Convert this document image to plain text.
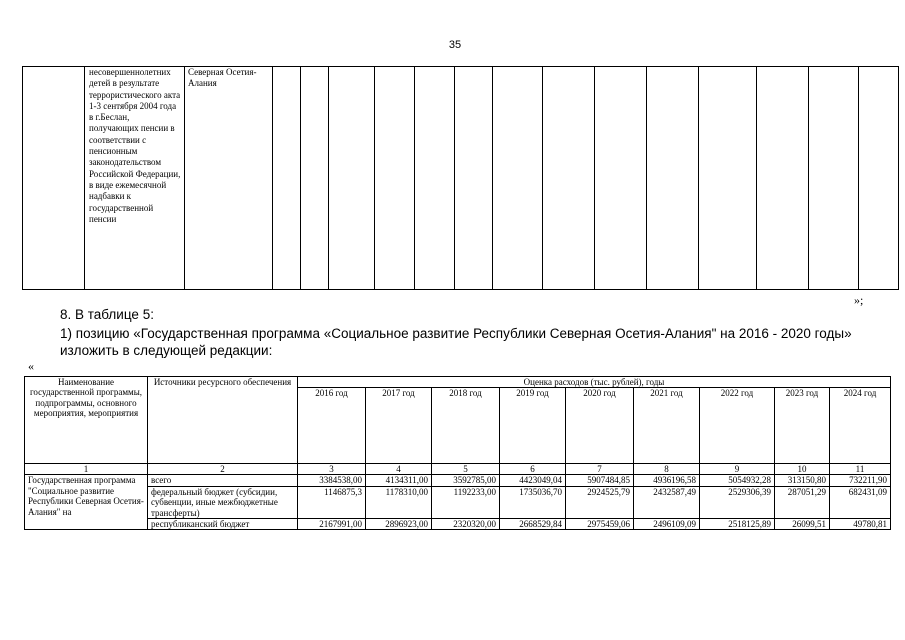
35
	несовершеннолетних детей в результате террористического акта 1-3 сентября 2004 года в г.Беслан, получающих пенсии в соответствии с пенсионным законодательством Российской Федерации, в виде ежемесячной надбавки к государственной пенсии	Северная Осетия-Алания														
»;
8. В таблице 5:
1) позицию «Государственная программа «Социальное развитие Республики Северная Осетия-Алания" на 2016 - 2020 годы»
изложить в следующей редакции:
«
Наименование государственной программы, подпрограммы, основного мероприятия, мероприятия	Источники ресурсного обеспечения	Оценка расходов (тыс. рублей), годы								
		2016 год	2017 год	2018 год	2019 год	2020 год	2021 год	2022 год	2023 год	2024 год
1	2	3	4	5	6	7	8	9	10	11
Государственная программа "Социальное развитие Республики Северная Осетия-Алания" на	всего	3384538,00	4134311,00	3592785,00	4423049,04	5907484,85	4936196,58	5054932,28	313150,80	732211,90
	федеральный бюджет (субсидии, субвенции, иные межбюджетные трансферты)	1146875,3	1178310,00	1192233,00	1735036,70	2924525,79	2432587,49	2529306,39	287051,29	682431,09
	республиканский бюджет	2167991,00	2896923,00	2320320,00	2668529,84	2975459,06	2496109,09	2518125,89	26099,51	49780,81
